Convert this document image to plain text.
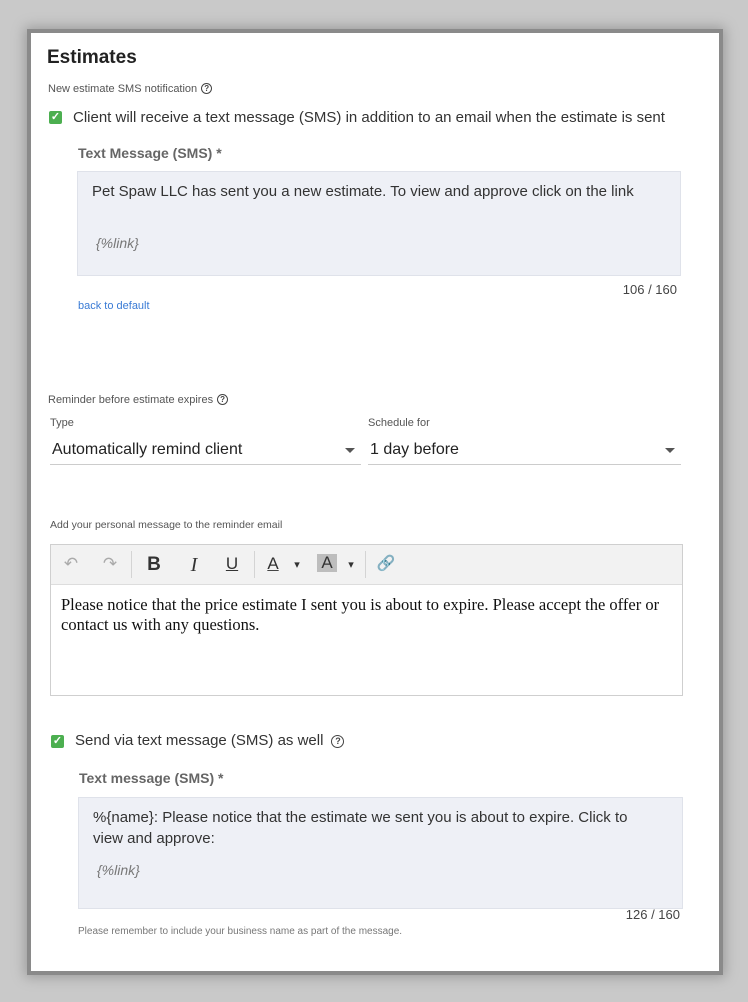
Estimates
New estimate SMS notification ?
✓ Client will receive a text message (SMS) in addition to an email when the estimate is sent
Text Message (SMS) *
Pet Spaw LLC has sent you a new estimate. To view and approve click on the link
{%link}
106 / 160
back to default
Reminder before estimate expires ?
Type
Automatically remind client
Schedule for
1 day before
Add your personal message to the reminder email
↶ ↷ B I U A	▾ A	▾ 🔗
Please notice that the price estimate I sent you is about to expire. Please accept the offer or contact us with any questions.
✓ Send via text message (SMS) as well ?
Text message (SMS) *
%{name}: Please notice that the estimate we sent you is about to expire. Click to view and approve:
{%link}
126 / 160
Please remember to include your business name as part of the message.
